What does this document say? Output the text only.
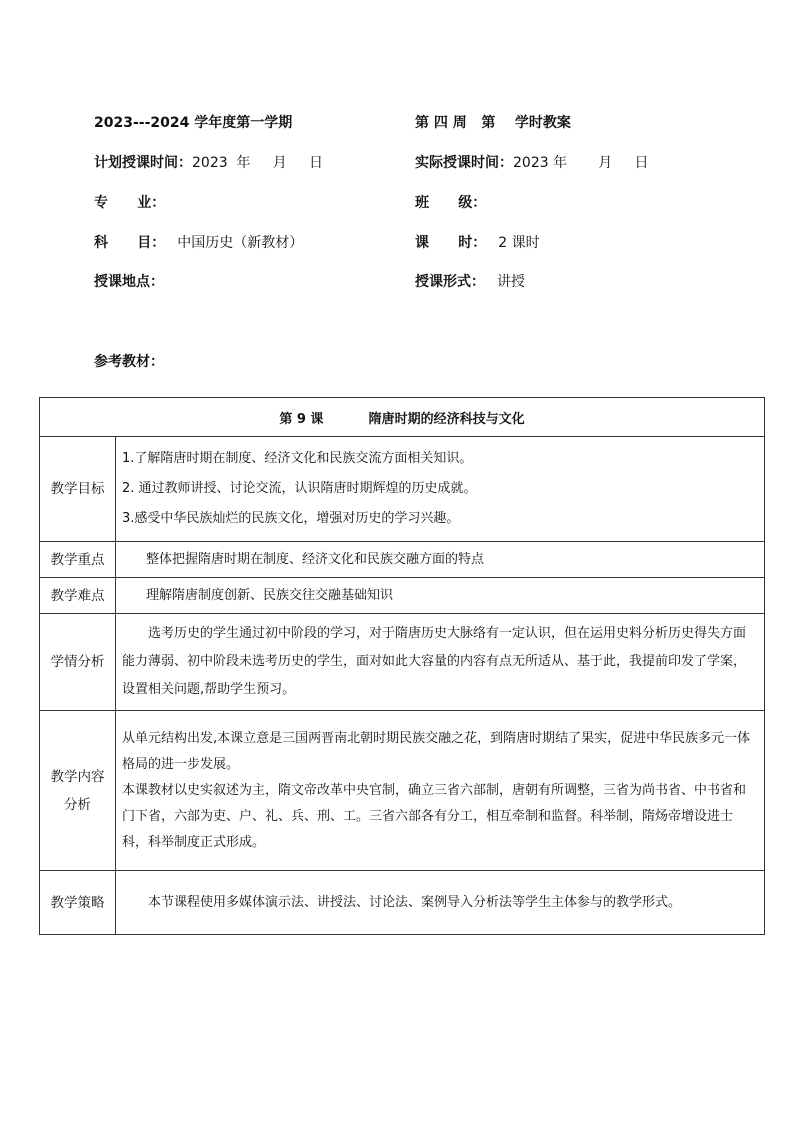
2023---2024 学年度第一学期	第 四 周   第    学时教案
计划授课时间：2023  年     月     日	实际授课时间：2023 年       月     日
专      业：	班      级：
科      目： 中国历史（新教材）	课      时： 2 课时
授课地点：	授课形式： 讲授
参考教材：
第 9 课          隋唐时期的经济科技与文化	
教学目标	1.了解隋唐时期在制度、经济文化和民族交流方面相关知识。
2. 通过教师讲授、讨论交流，认识隋唐时期辉煌的历史成就。
3.感受中华民族灿烂的民族文化，增强对历史的学习兴趣。

教学重点	整体把握隋唐时期在制度、经济文化和民族交融方面的特点

教学难点	理解隋唐制度创新、民族交往交融基础知识

学情分析	选考历史的学生通过初中阶段的学习，对于隋唐历史大脉络有一定认识，但在运用史料分析历史得失方面能力薄弱、初中阶段未选考历史的学生，面对如此大容量的内容有点无所适从、基于此，我提前印发了学案，设置相关问题,帮助学生预习。

教学内容
分析	从单元结构出发,本课立意是三国两晋南北朝时期民族交融之花，到隋唐时期结了果实，促进中华民族多元一体格局的进一步发展。
本课教材以史实叙述为主，隋文帝改革中央官制，确立三省六部制，唐朝有所调整，三省为尚书省、中书省和门下省，六部为吏、户、礼、兵、刑、工。三省六部各有分工，相互牵制和监督。科举制，隋炀帝增设进士科，科举制度正式形成。

教学策略	本节课程使用多媒体演示法、讲授法、讨论法、案例导入分析法等学生主体参与的教学形式。
